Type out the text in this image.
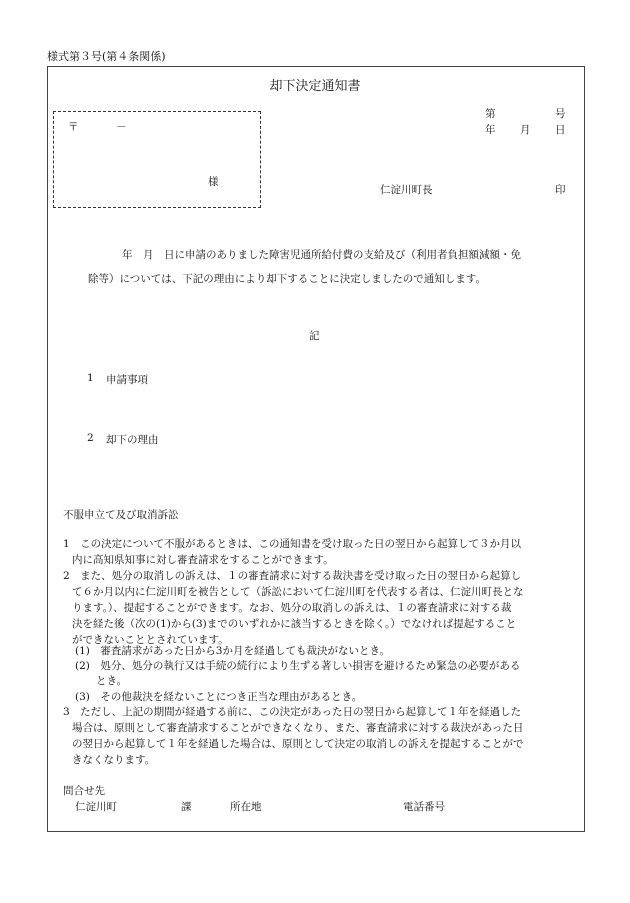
様式第３号(第４条関係)
却下決定通知書
第	号
年 月 日
〒	－
様
仁淀川町長	印
年　月　日に申請のありました障害児通所給付費の支給及び（利用者負担額減額・免
除等）については、下記の理由により却下することに決定しましたので通知します。
記
1 申請事項
2 却下の理由
不服申立て及び取消訴訟
1　この決定について不服があるときは、この通知書を受け取った日の翌日から起算して３か月以
内に高知県知事に対し審査請求をすることができます。
2　また、処分の取消しの訴えは、１の審査請求に対する裁決書を受け取った日の翌日から起算し
て６か月以内に仁淀川町を被告として（訴訟において仁淀川町を代表する者は、仁淀川町長とな
ります。）、提起することができます。なお、処分の取消しの訴えは、１の審査請求に対する裁
決を経た後（次の(1)から(3)までのいずれかに該当するときを除く。）でなければ提起すること
ができないこととされています。
(1)　審査請求があった日から3か月を経過しても裁決がないとき。
(2)　処分、処分の執行又は手続の続行により生ずる著しい損害を避けるため緊急の必要がある
とき。
(3)　その他裁決を経ないことにつき正当な理由があるとき。
3　ただし、上記の期間が経過する前に、この決定があった日の翌日から起算して１年を経過した
場合は、原則として審査請求することができなくなり、また、審査請求に対する裁決があった日
の翌日から起算して１年を経過した場合は、原則として決定の取消しの訴えを提起することがで
きなくなります。
問合せ先
仁淀川町	課	所在地	電話番号
